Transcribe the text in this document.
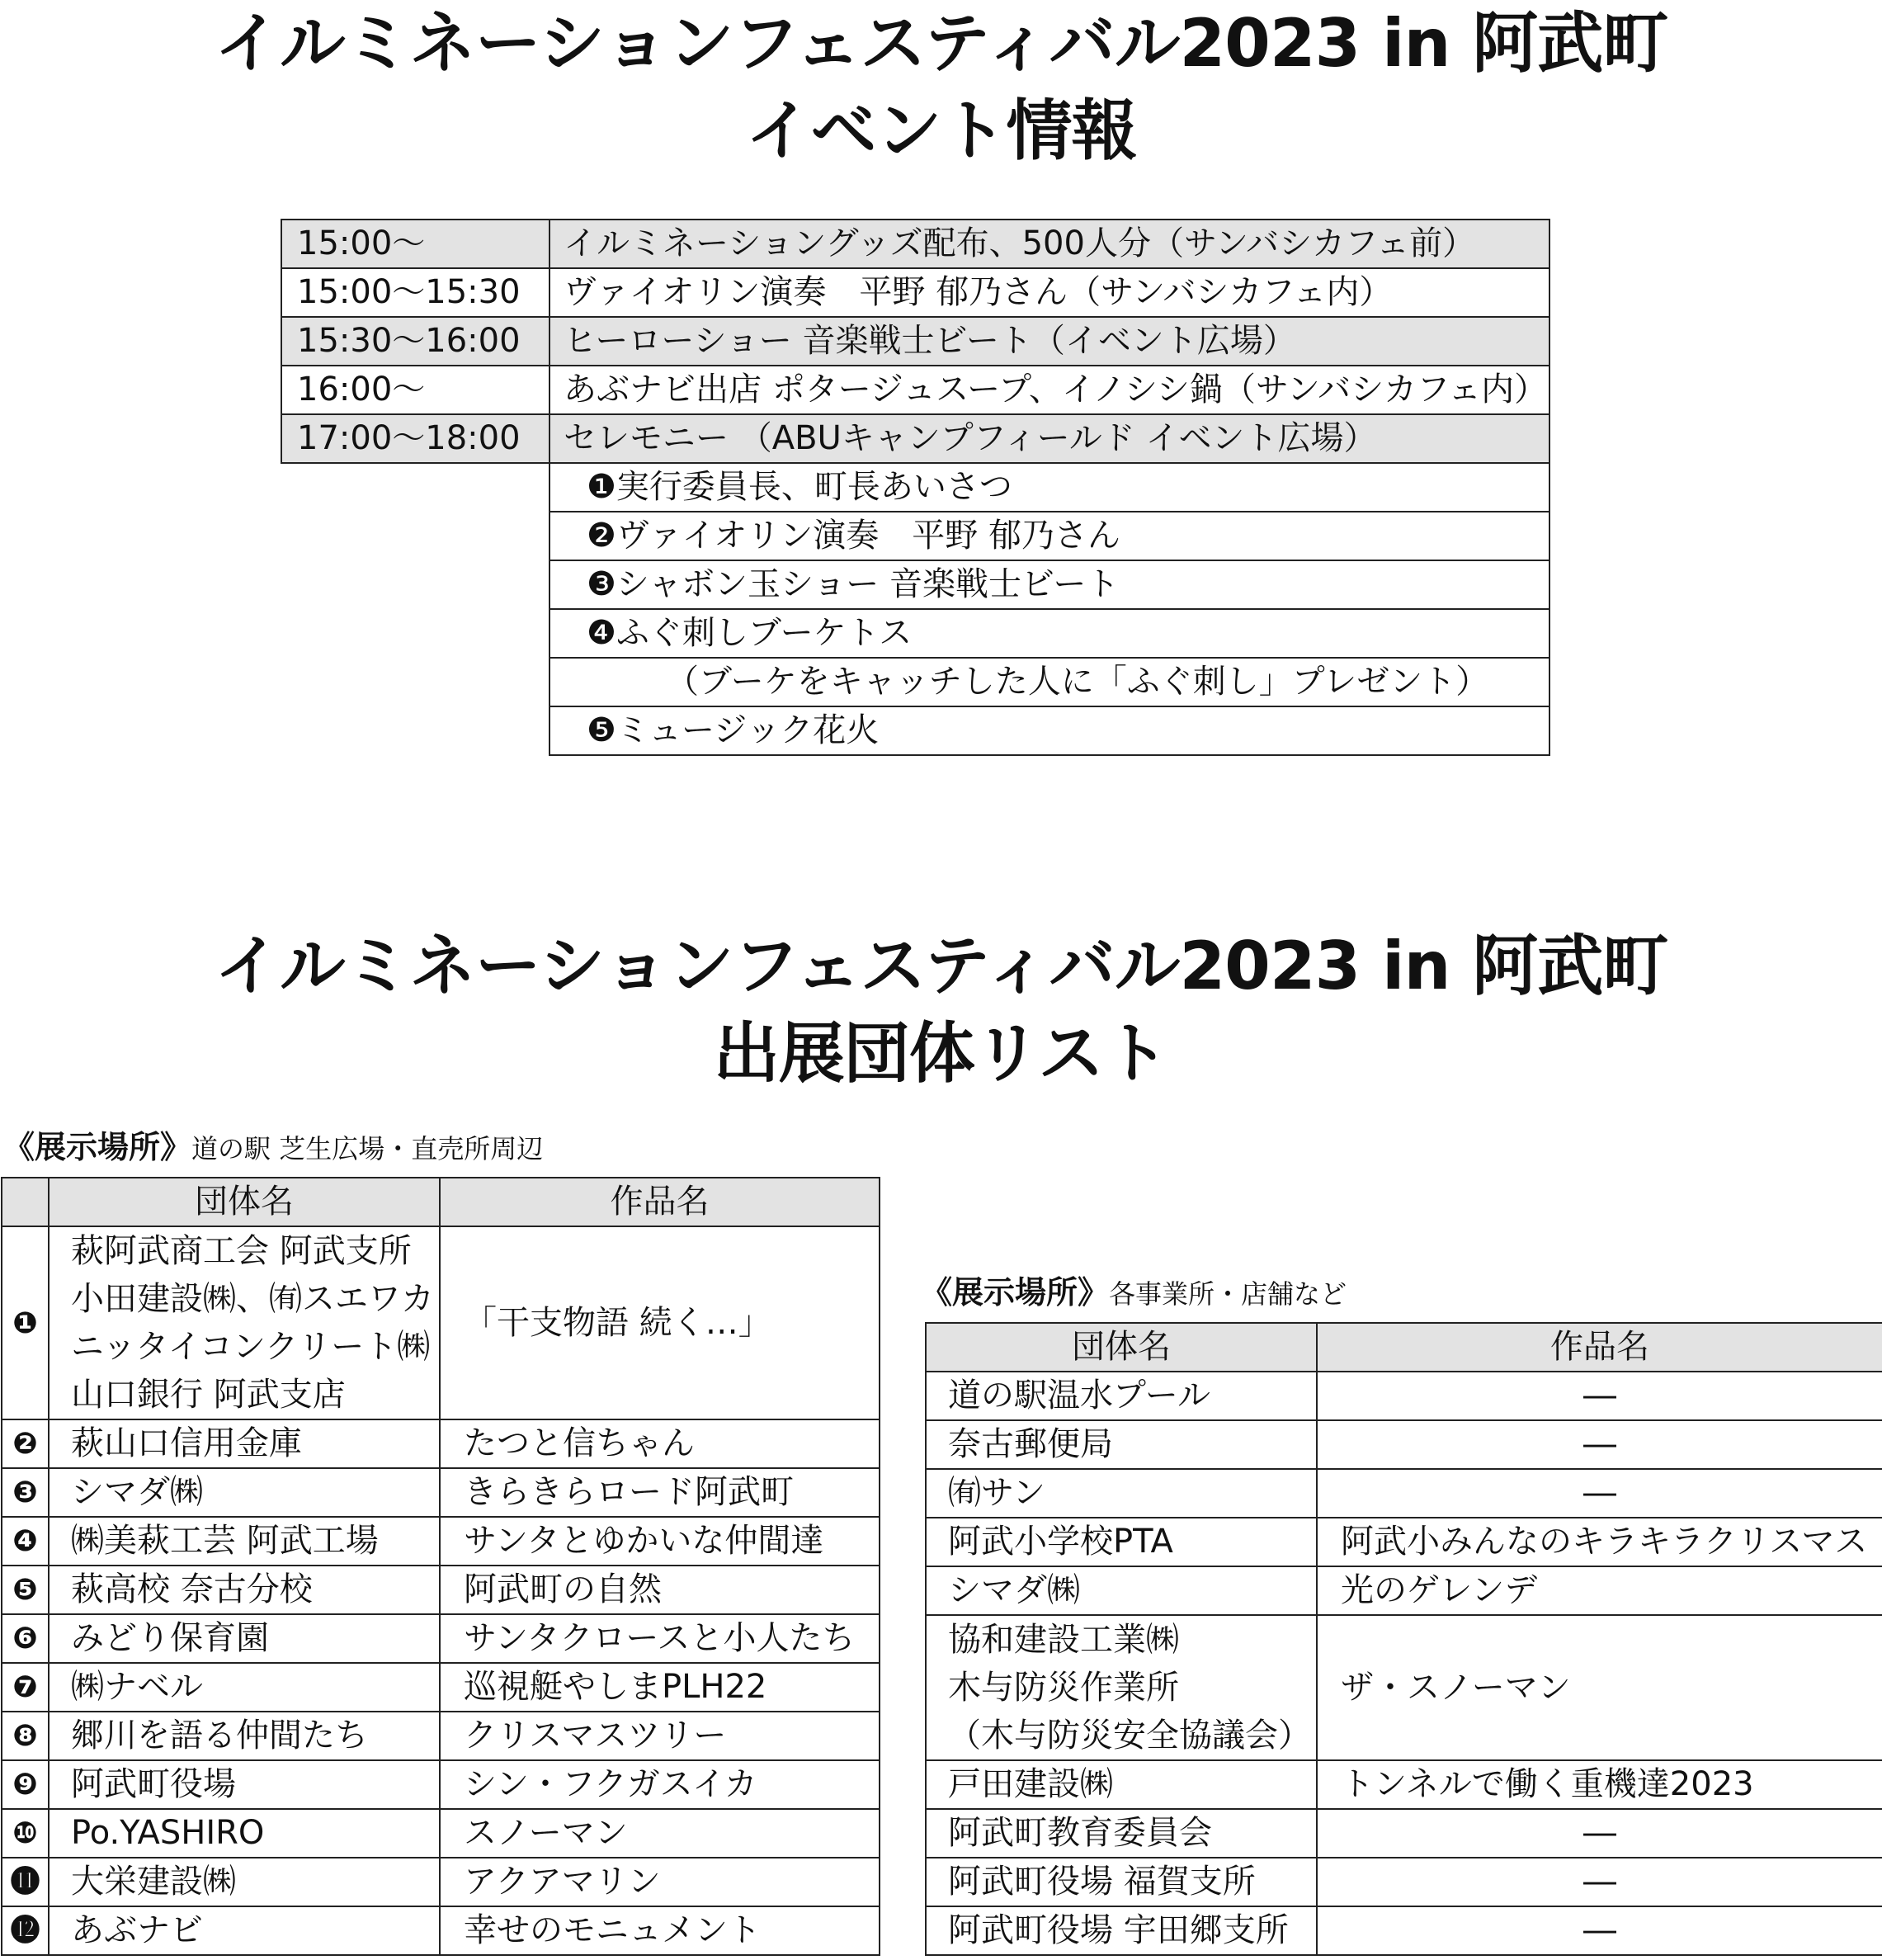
イルミネーションフェスティバル2023 in 阿武町
イベント情報
15:00～	イルミネーショングッズ配布、500人分（サンバシカフェ前）
15:00～15:30	ヴァイオリン演奏　平野 郁乃さん（サンバシカフェ内）
15:30～16:00	ヒーローショー 音楽戦士ビート（イベント広場）
16:00～	あぶナビ出店 ポタージュスープ、イノシシ鍋（サンバシカフェ内）
17:00～18:00	セレモニー （ABUキャンプフィールド イベント広場）
	❶実行委員長、町長あいさつ
	❷ヴァイオリン演奏　平野 郁乃さん
	❸シャボン玉ショー 音楽戦士ビート
	❹ふぐ刺しブーケトス
	（ブーケをキャッチした人に「ふぐ刺し」プレゼント）
	❺ミュージック花火
イルミネーションフェスティバル2023 in 阿武町
出展団体リスト
《展示場所》道の駅 芝生広場・直売所周辺
	団体名	作品名
❶	萩阿武商工会 阿武支所
小田建設㈱、㈲スエワカ
ニッタイコンクリート㈱
山口銀行 阿武支店	「干支物語 続く…」
❷	萩山口信用金庫	たつと信ちゃん
❸	シマダ㈱	きらきらロード阿武町
❹	㈱美萩工芸 阿武工場	サンタとゆかいな仲間達
❺	萩高校 奈古分校	阿武町の自然
❻	みどり保育園	サンタクロースと小人たち
❼	㈱ナベル	巡視艇やしまPLH22
❽	郷川を語る仲間たち	クリスマスツリー
❾	阿武町役場	シン・フクガスイカ
❿	Po.YASHIRO	スノーマン
⓫	大栄建設㈱	アクアマリン
⓬	あぶナビ	幸せのモニュメント
《展示場所》各事業所・店舗など
団体名	作品名
道の駅温水プール	―
奈古郵便局	―
㈲サン	―
阿武小学校PTA	阿武小みんなのキラキラクリスマス
シマダ㈱	光のゲレンデ

協和建設工業㈱
木与防災作業所
（木与防災安全協議会）	ザ・スノーマン
戸田建設㈱	トンネルで働く重機達2023
阿武町教育委員会	―
阿武町役場 福賀支所	―
阿武町役場 宇田郷支所	―
